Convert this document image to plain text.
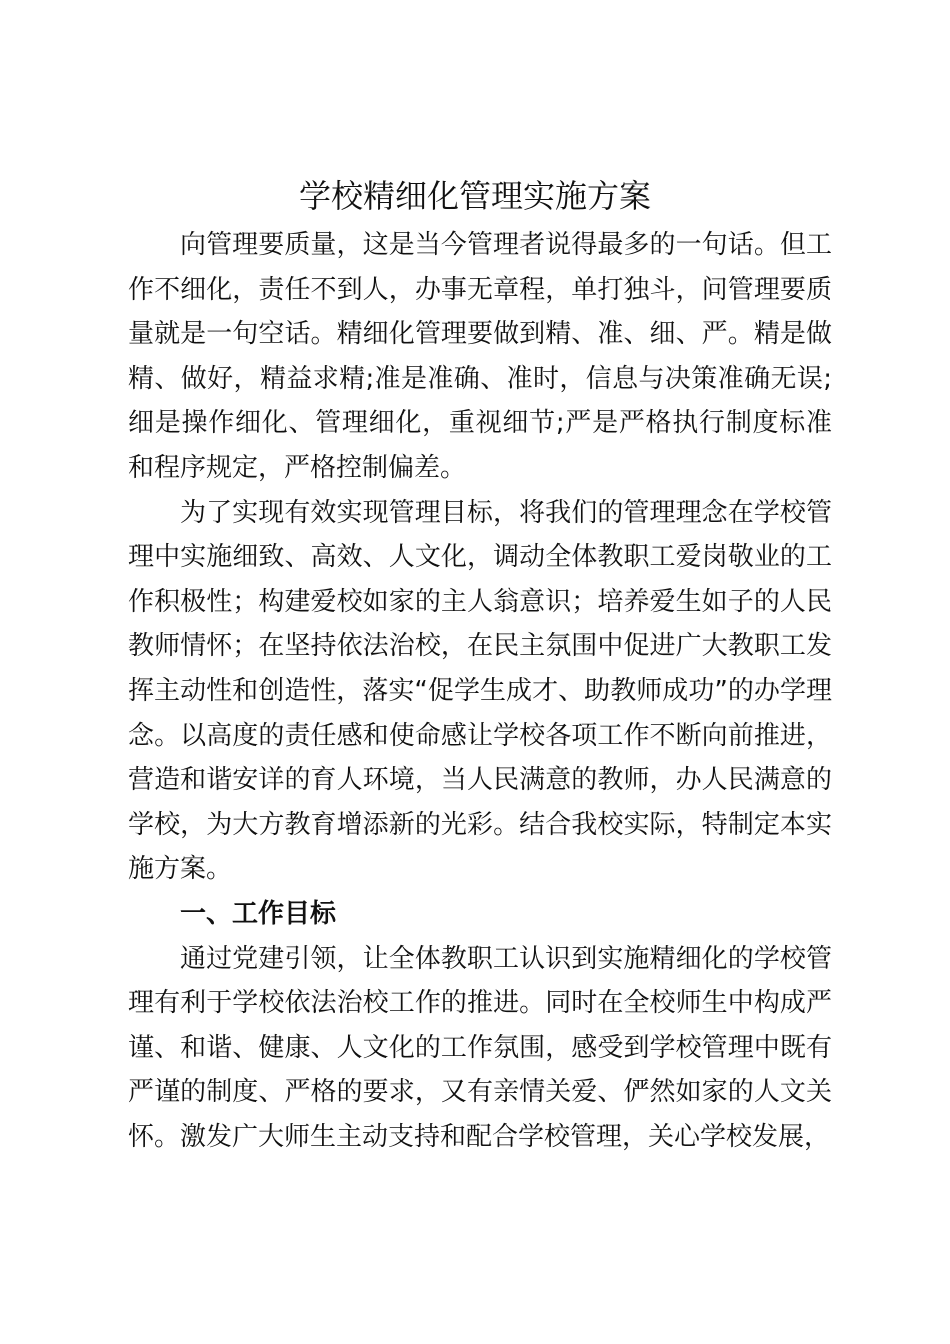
学校精细化管理实施方案

向管理要质量，这是当今管理者说得最多的一句话。但工作不细化，责任不到人，办事无章程，单打独斗，问管理要质量就是一句空话。精细化管理要做到精、准、细、严。精是做精、做好，精益求精;准是准确、准时，信息与决策准确无误;细是操作细化、管理细化，重视细节;严是严格执行制度标准和程序规定，严格控制偏差。

为了实现有效实现管理目标，将我们的管理理念在学校管理中实施细致、高效、人文化，调动全体教职工爱岗敬业的工作积极性；构建爱校如家的主人翁意识；培养爱生如子的人民教师情怀；在坚持依法治校，在民主氛围中促进广大教职工发挥主动性和创造性，落实“促学生成才、助教师成功”的办学理念。以高度的责任感和使命感让学校各项工作不断向前推进，营造和谐安详的育人环境，当人民满意的教师，办人民满意的学校，为大方教育增添新的光彩。结合我校实际，特制定本实施方案。

一、工作目标

通过党建引领，让全体教职工认识到实施精细化的学校管理有利于学校依法治校工作的推进。同时在全校师生中构成严谨、和谐、健康、人文化的工作氛围，感受到学校管理中既有严谨的制度、严格的要求，又有亲情关爱、俨然如家的人文关怀。激发广大师生主动支持和配合学校管理，关心学校发展，
